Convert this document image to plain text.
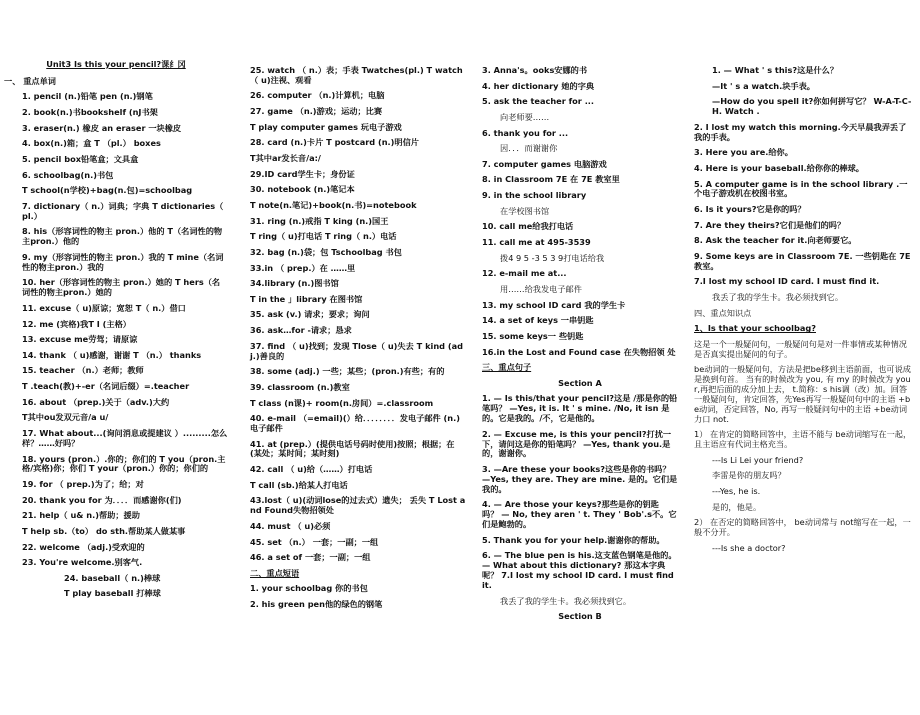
Unit3 Is this your pencil?课纟冈
一、 重点单词
1. pencil (n.)铅笔 pen (n.)钢笔
2. book(n.)书bookshelf (nJ书架
3. eraser(n.) 橡皮 an eraser 一块橡皮
4. box(n.)箱；盒 T （pl.） boxes
5. pencil box铅笔盒；文具盒
6. schoolbag(n.)书包
T school(n学校)+bag(n.包)=schoolbag
7. dictionary（ n.）词典；字典 T dictionaries（ pl.）
8. his（形容词性的物主 pron.）他的 T（名词性的物主pron.）他的
9. my（形容词性的物主 pron.）我的 T mine（名词性的物主pron.）我的
10. her（形容词性的物主 pron.）她的 T hers（名词性的物主pron.）她的
11. excuse（ u)原谅；宽恕 T（ n.）借口
12. me (宾格)我T I (主格）
13. excuse me劳驾；请原谅
14. thank （ u)感谢，谢谢 T （n.） thanks
15. teacher （n.）老师；教师
T .teach(教)+-er（名词后缀）=.teacher
16. about （prep.)关于（adv.)大约
T其中ou发双元音/a u/
17. What about...(询问消息或提建议 ）.........怎么样？……好吗？
18. yours (pron.）.你的；你们的 T you（pron.主格/宾格)你；你们 T your（pron.）你的；你们的
19. for （ prep.)为了；给；对
20. thank you for 为．．．．而感谢你(们)
21. help（ u& n.)帮助；援助
T help sb.（to） do sth.帮助某人做某事
22. welcome （adj.)受欢迎的
23. You're welcome.别客气.
24. baseball（ n.)棒球
T play baseball 打棒球
25. watch （ n.）表；手表 Twatches(pl.) T watch（ u)注视、观看
26. computer （n.)计算机；电脑
27. game （n.)游戏；运动；比赛
T play computer games 玩电子游戏
28. card (n.)卡片 T postcard (n.)明信片
T其中ar发长音/a:/
29.ID card学生卡；身份证
30. notebook (n.)笔记本
T note(n.笔记)+book(n.书)=notebook
31. ring (n.)戒指 T king (n.)国王
T ring（ u)打电话 T ring（ n.）电话
32. bag (n.)袋；包 Tschoolbag 书包
33.in （ prep.）在 ……里
34.library (n.)图书馆
T in the 」library 在图书馆
35. ask (v.) 请求；要求；询问
36. ask…for -请求；恳求
37. find （ u)找到；发现 Tlose（ u)失去 T kind (adj.)善良的
38. some (adj.) 一些；某些；(pron.)有些；有的
39. classroom (n.)教室
T class (n课)+ room(n.房间）=.classroom
40. e-mail （=email)(）给．．．．．．．．发电子邮件 (n.)电子邮件
41. at (prep.）(提供电话号码时使用)按照；根据；在(某处；某时间；某时刻)
42. call （ u)给（……）打电话
T call (sb.)给某人打电话
43.lost（ u)(动词lose的过去式）遗失； 丢失 T Lost and Found失物招领处
44. must （ u)必须
45. set （n.） 一套；一副；一组
46. a set of 一套；一副；一组
二、重点短语
1. your schoolbag 你的书包
2. his green pen他的绿色的钢笔
3. Anna's。ooks安娜的书
4. her dictionary 她的字典
5. ask the teacher for ...
向老师要……
6. thank you for ...
因．．．而谢谢你
7. computer games 电脑游戏
8. in Classroom 7E 在 7E 教室里
9. in the school library
在学校图书馆
10. call me给我打电话
11. call me at 495-3539
拨4 9 5 -3 5 3 9打电话给我
12. e-mail me at...
用……给我发电子邮件
13. my school ID card 我的学生卡
14. a set of keys 一串钥匙
15. some keys一 些钥匙
16.in the Lost and Found case 在失物招领 处
三、重点句子
Section A
1. — Is this/that your pencil?这是 /那是你的铅笔吗？ —Yes, it is. It ' s mine. /No, it isn 是的。它是我的。/不，它是他的。
2. — Excuse me, is this your pencil?打扰一下，请问这是你的铅笔吗？ —Yes, thank you.是的，谢谢你。
3. —Are these your books?这些是你的书吗？—Yes, they are. They are mine. 是的。它们是我的。
4. — Are those your keys?那些是你的钥匙 吗？ — No, they aren ' t. They ' Bob'.s不。它们是鲍勃的。
5. Thank you for your help.谢谢你的帮助。
6. — The blue pen is his.这支蓝色钢笔是他的。 — What about this dictionary? 那这本字典呢？ 7.I lost my school ID card. I must find it.
我丢了我的学生卡。我必须找到它。
Section B
1. — What ' s this?这是什么？
—It ' s a watch.块手表。
—How do you spell it?你如何拼写它？ W-A-T-C-H. Watch .
2. I lost my watch this morning.今天早晨我弄丢了我的手表。
3. Here you are.给你。
4. Here is your baseball.给你你的棒球。
5. A computer game is in the school library .一个电子游戏机在校图书室。
6. Is it yours?它是你的吗？
7. Are they theirs?它们是他们的吗？
8. Ask the teacher for it.向老师要它。
9. Some keys are in Classroom 7E. 一些钥匙在 7E 教室。
7.I lost my school ID card. I must find it.
我丢了我的学生卡。我必须找到它。
四、重点知识点
1、Is that your schoolbag?
这是一个一般疑问句，一般疑问句是对一件事情或某种情况是否真实提出疑问的句子。
be动词的一般疑问句，方法是把be移到主语前面，也可说成是换到句首。 当有的时候改为 you, 有 my 的时候改为 your,再把后面的成分加上去， t.简称：s his调（改）加。回答一般疑问句，肯定回答，先Yes再写一般疑问句中的主语 +be动词，否定回答，No, 再写一般疑问句中的主语 +be动词 力口 not.
1） 在肯定的简略回答中，主语不能与 be动词缩写在一起，且主语应有代词主格充当。
---Is Li Lei your friend?
李雷是你的朋友吗？
---Yes, he is.
是的，他是。
2） 在否定的简略回答中， be动词常与 not缩写在一起，一般不分开。
---Is she a doctor?
